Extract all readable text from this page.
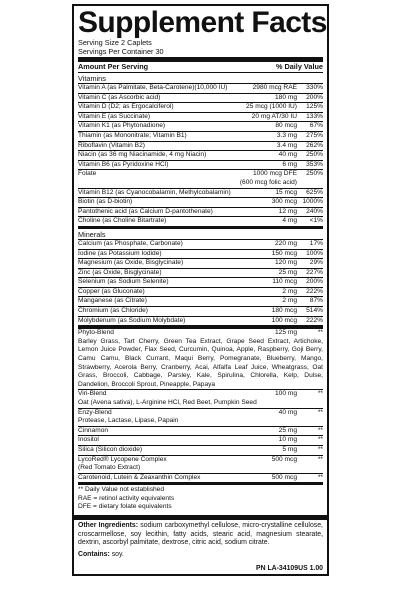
Supplement Facts
Serving Size 2 Caplets
Servings Per Container 30
Amount Per Serving	% Daily Value
Vitamins
Vitamin A (as Palmitate, Beta-Carotene)(10,000 IU)	2980 mcg RAE	330%
Vitamin C (as Ascorbic acid)	180 mg	200%
Vitamin D (D2; as Ergocalciferol)	25 mcg (1000 IU)	125%
Vitamin E (as Succinate)	20 mg AT/30 IU	133%
Vitamin K1 (as Phytonadione)	80 mcg	67%
Thiamin (as Mononitrate; Vitamin B1)	3.3 mg	275%
Riboflavin (Vitamin B2)	3.4 mg	262%
Niacin (as 36 mg Niacinamide, 4 mg Niacin)	40 mg	250%
Vitamin B6 (as Pyridoxine HCl)	6 mg	353%
Folate	1000 mcg DFE	250%
(600 mcg folic acid)
Vitamin B12 (as Cyanocobalamin, Methylcobalamin)	15 mcg	625%
Biotin (as D-biotin)	300 mcg 1000%
Pantothenic acid (as Calcium D-pantothenate)	12 mg	240%
Choline (as Choline Bitartrate)	4 mg	<1%
Minerals
Calcium (as Phosphate, Carbonate)	220 mg	17%
Iodine (as Potassium Iodide)	150 mcg	100%
Magnesium (as Oxide, Bisglycinate)	120 mg	29%
Zinc (as Oxide, Bisglycinate)	25 mg	227%
Selenium (as Sodium Selenite)	110 mcg	200%
Copper (as Gluconate)	2 mg	222%
Manganese (as Citrate)	2 mg	87%
Chromium (as Chloride)	180 mcg	514%
Molybdenum (as Sodium Molybdate)	100 mcg	222%
Phyto-Blend	125 mg	**
Barley Grass, Tart Cherry, Green Tea Extract, Grape Seed Extract, Artichoke, Lemon Juice Powder, Flax Seed, Curcumin, Quinoa, Apple, Raspberry, Goji Berry, Camu Camu, Black Currant, Maqui Berry, Pomegranate, Blueberry, Mango, Strawberry, Acerola Berry, Cranberry, Acai, Alfalfa Leaf Juice, Wheatgrass, Oat Grass, Broccoli, Cabbage, Parsley, Kale, Spirulina, Chlorella, Kelp, Dulse, Dandelion, Broccoli Sprout, Pineapple, Papaya
Viri-Blend	100 mg	**
Oat (Avena sativa), L-Arginine HCl, Red Beet, Pumpkin Seed
Enzy-Blend	40 mg	**
Protease, Lactase, Lipase, Papain
Cinnamon	25 mg	**
Inositol	10 mg	**
Silica (Silicon dioxide)	5 mg	**
LycoRed® Lycopene Complex	500 mcg	**
(Red Tomato Extract)
Carotenoid, Lutein & Zeaxanthin Complex	500 mcg	**
** Daily Value not established
RAE = retinol activity equivalents
DFE = dietary folate equivalents
Other Ingredients: sodium carboxymethyl cellulose, micro-crystalline cellulose, croscarmellose, soy lecithin, fatty acids, stearic acid, magnesium stearate, dextrin, ascorbyl palmitate, dextrose, citric acid, sodium citrate.
Contains: soy.
PN LA-34109US 1.00
